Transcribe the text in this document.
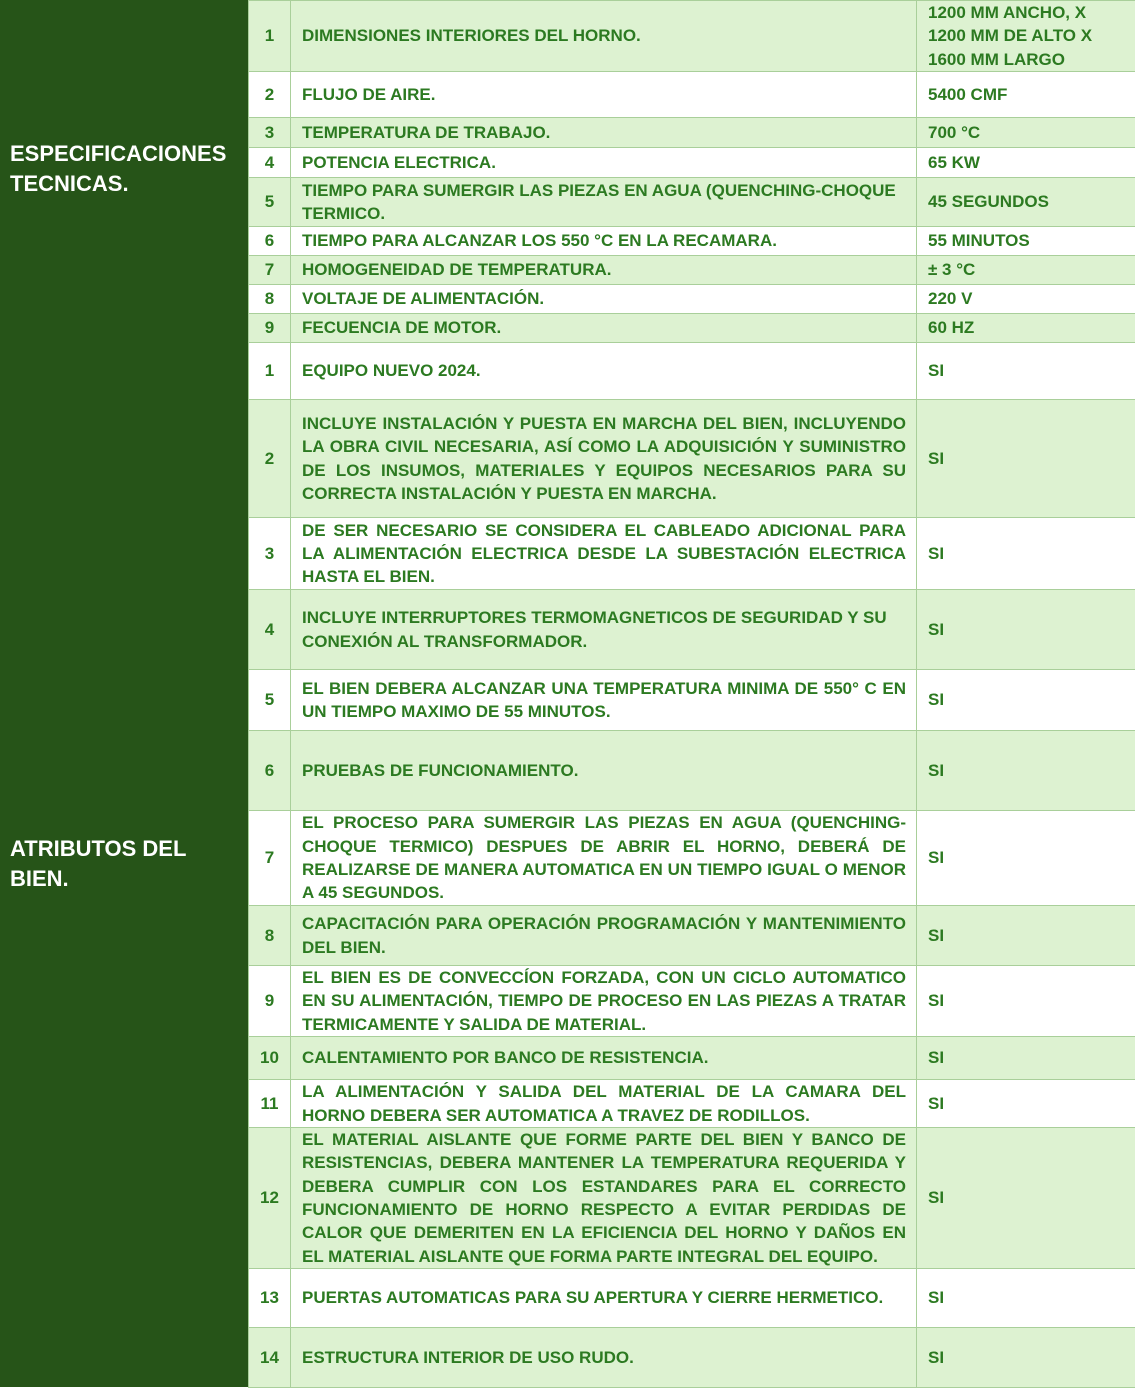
ESPECIFICACIONES TECNICAS.
ATRIBUTOS DEL BIEN.
1	DIMENSIONES INTERIORES DEL HORNO.	1200 MM ANCHO, X 1200 MM DE ALTO X 1600 MM LARGO
2	FLUJO DE AIRE.	5400 CMF
3	TEMPERATURA DE TRABAJO.	700 °C
4	POTENCIA ELECTRICA.	65 KW
5	TIEMPO PARA SUMERGIR LAS PIEZAS EN AGUA (QUENCHING-CHOQUE TERMICO.	45 SEGUNDOS
6	TIEMPO PARA ALCANZAR LOS 550 °C EN LA RECAMARA.	55 MINUTOS
7	HOMOGENEIDAD DE TEMPERATURA.	± 3 °C
8	VOLTAJE DE ALIMENTACIÓN.	220 V
9	FECUENCIA DE MOTOR.	60 HZ
1	EQUIPO NUEVO 2024.	SI
2	INCLUYE INSTALACIÓN Y PUESTA EN MARCHA DEL BIEN, INCLUYENDO LA OBRA CIVIL NECESARIA, ASÍ COMO LA ADQUISICIÓN Y SUMINISTRO DE LOS INSUMOS, MATERIALES Y EQUIPOS NECESARIOS PARA SU CORRECTA INSTALACIÓN Y PUESTA EN MARCHA.	SI
3	DE SER NECESARIO SE CONSIDERA EL CABLEADO ADICIONAL PARA LA ALIMENTACIÓN ELECTRICA DESDE LA SUBESTACIÓN ELECTRICA HASTA EL BIEN.	SI
4	INCLUYE INTERRUPTORES TERMOMAGNETICOS DE SEGURIDAD Y SU CONEXIÓN AL TRANSFORMADOR.	SI
5	EL BIEN DEBERA ALCANZAR UNA TEMPERATURA MINIMA DE 550° C EN UN TIEMPO MAXIMO DE 55 MINUTOS.	SI
6	PRUEBAS DE FUNCIONAMIENTO.	SI
7	EL PROCESO PARA SUMERGIR LAS PIEZAS EN AGUA (QUENCHING-CHOQUE TERMICO) DESPUES DE ABRIR EL HORNO, DEBERÁ DE REALIZARSE DE MANERA AUTOMATICA EN UN TIEMPO IGUAL O MENOR A 45 SEGUNDOS.	SI
8	CAPACITACIÓN PARA OPERACIÓN PROGRAMACIÓN Y MANTENIMIENTO DEL BIEN.	SI
9	EL BIEN ES DE CONVECCÍON FORZADA, CON UN CICLO AUTOMATICO EN SU ALIMENTACIÓN, TIEMPO DE PROCESO EN LAS PIEZAS A TRATAR TERMICAMENTE Y SALIDA DE MATERIAL.	SI
10	CALENTAMIENTO POR BANCO DE RESISTENCIA.	SI
11	LA ALIMENTACIÓN Y SALIDA DEL MATERIAL DE LA CAMARA DEL HORNO DEBERA SER AUTOMATICA A TRAVEZ DE RODILLOS.	SI
12	EL MATERIAL AISLANTE QUE FORME PARTE DEL BIEN Y BANCO DE RESISTENCIAS, DEBERA MANTENER LA TEMPERATURA REQUERIDA Y DEBERA CUMPLIR CON LOS ESTANDARES PARA EL CORRECTO FUNCIONAMIENTO DE HORNO RESPECTO A EVITAR PERDIDAS DE CALOR QUE DEMERITEN EN LA EFICIENCIA DEL HORNO Y DAÑOS EN EL MATERIAL AISLANTE QUE FORMA PARTE INTEGRAL DEL EQUIPO.	SI
13	PUERTAS AUTOMATICAS PARA SU APERTURA Y CIERRE HERMETICO.	SI
14	ESTRUCTURA INTERIOR DE USO RUDO.	SI
